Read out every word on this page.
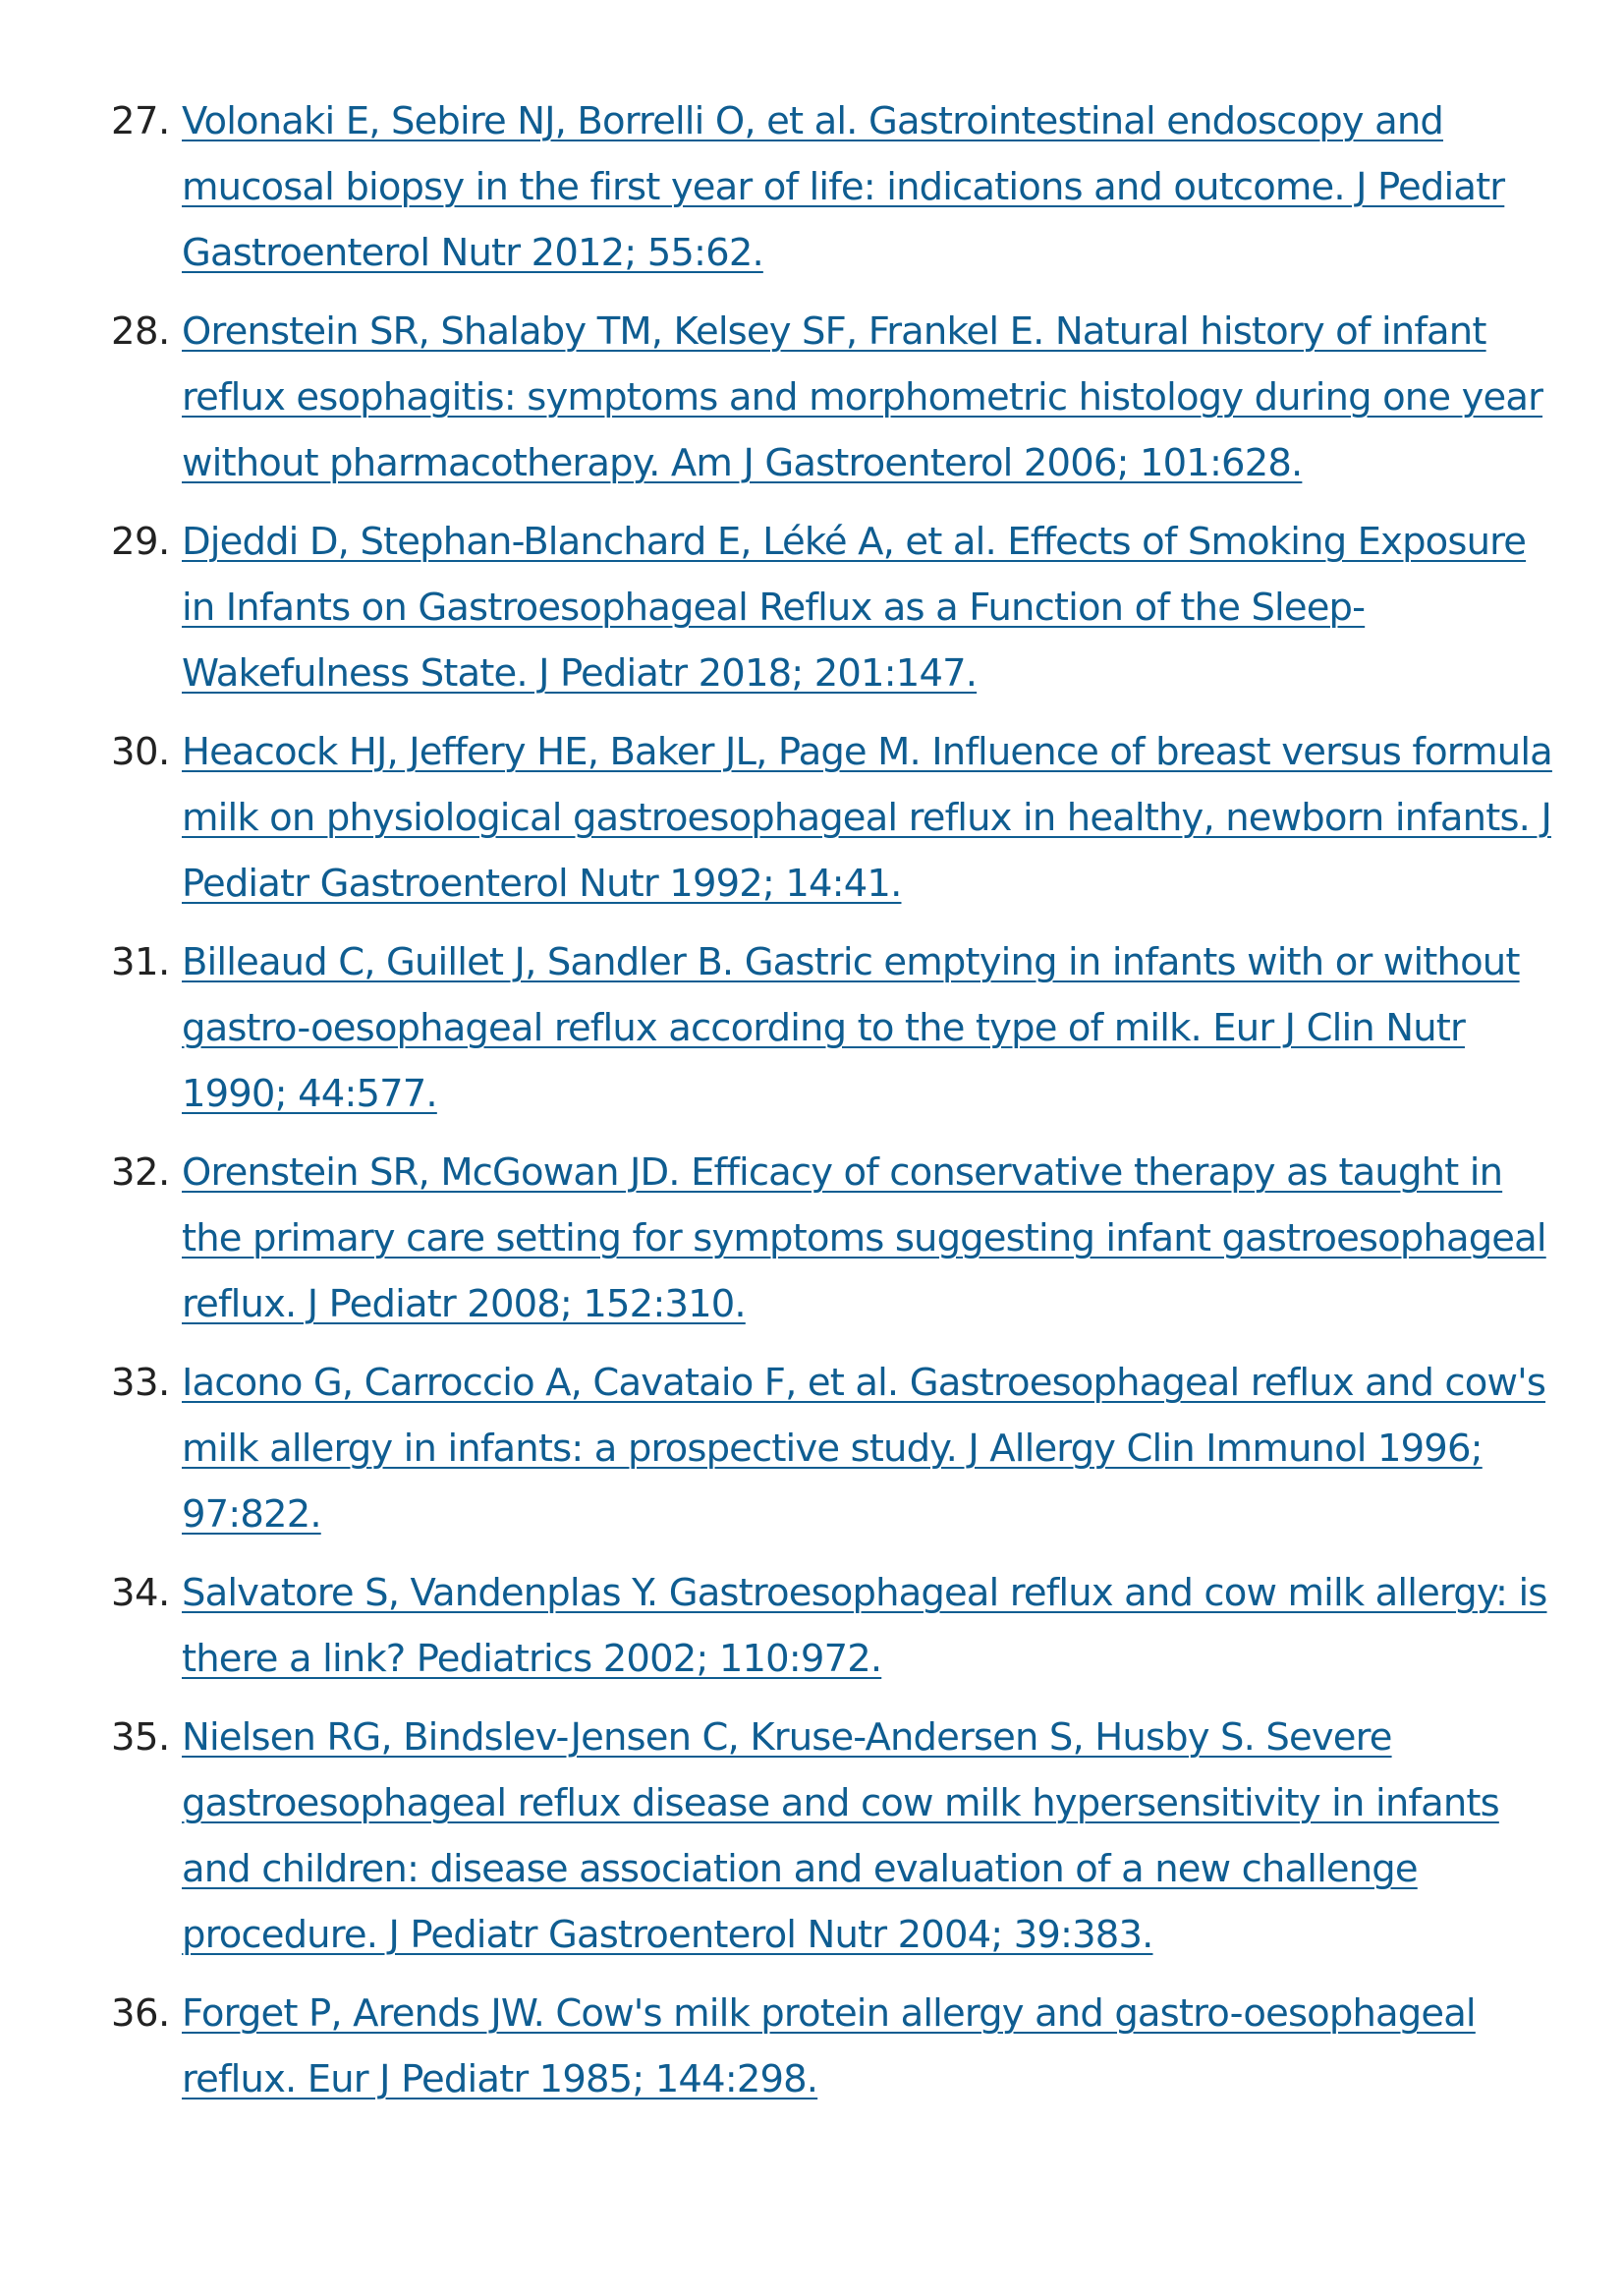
27. Volonaki E, Sebire NJ, Borrelli O, et al. Gastrointestinal endoscopy and mucosal biopsy in the first year of life: indications and outcome. J Pediatr Gastroenterol Nutr 2012; 55:62.
28. Orenstein SR, Shalaby TM, Kelsey SF, Frankel E. Natural history of infant reflux esophagitis: symptoms and morphometric histology during one year without pharmacotherapy. Am J Gastroenterol 2006; 101:628.
29. Djeddi D, Stephan-Blanchard E, Léké A, et al. Effects of Smoking Exposure in Infants on Gastroesophageal Reflux as a Function of the Sleep-Wakefulness State. J Pediatr 2018; 201:147.
30. Heacock HJ, Jeffery HE, Baker JL, Page M. Influence of breast versus formula milk on physiological gastroesophageal reflux in healthy, newborn infants. J Pediatr Gastroenterol Nutr 1992; 14:41.
31. Billeaud C, Guillet J, Sandler B. Gastric emptying in infants with or without gastro-oesophageal reflux according to the type of milk. Eur J Clin Nutr 1990; 44:577.
32. Orenstein SR, McGowan JD. Efficacy of conservative therapy as taught in the primary care setting for symptoms suggesting infant gastroesophageal reflux. J Pediatr 2008; 152:310.
33. Iacono G, Carroccio A, Cavataio F, et al. Gastroesophageal reflux and cow's milk allergy in infants: a prospective study. J Allergy Clin Immunol 1996; 97:822.
34. Salvatore S, Vandenplas Y. Gastroesophageal reflux and cow milk allergy: is there a link? Pediatrics 2002; 110:972.
35. Nielsen RG, Bindslev-Jensen C, Kruse-Andersen S, Husby S. Severe gastroesophageal reflux disease and cow milk hypersensitivity in infants and children: disease association and evaluation of a new challenge procedure. J Pediatr Gastroenterol Nutr 2004; 39:383.
36. Forget P, Arends JW. Cow's milk protein allergy and gastro-oesophageal reflux. Eur J Pediatr 1985; 144:298.
